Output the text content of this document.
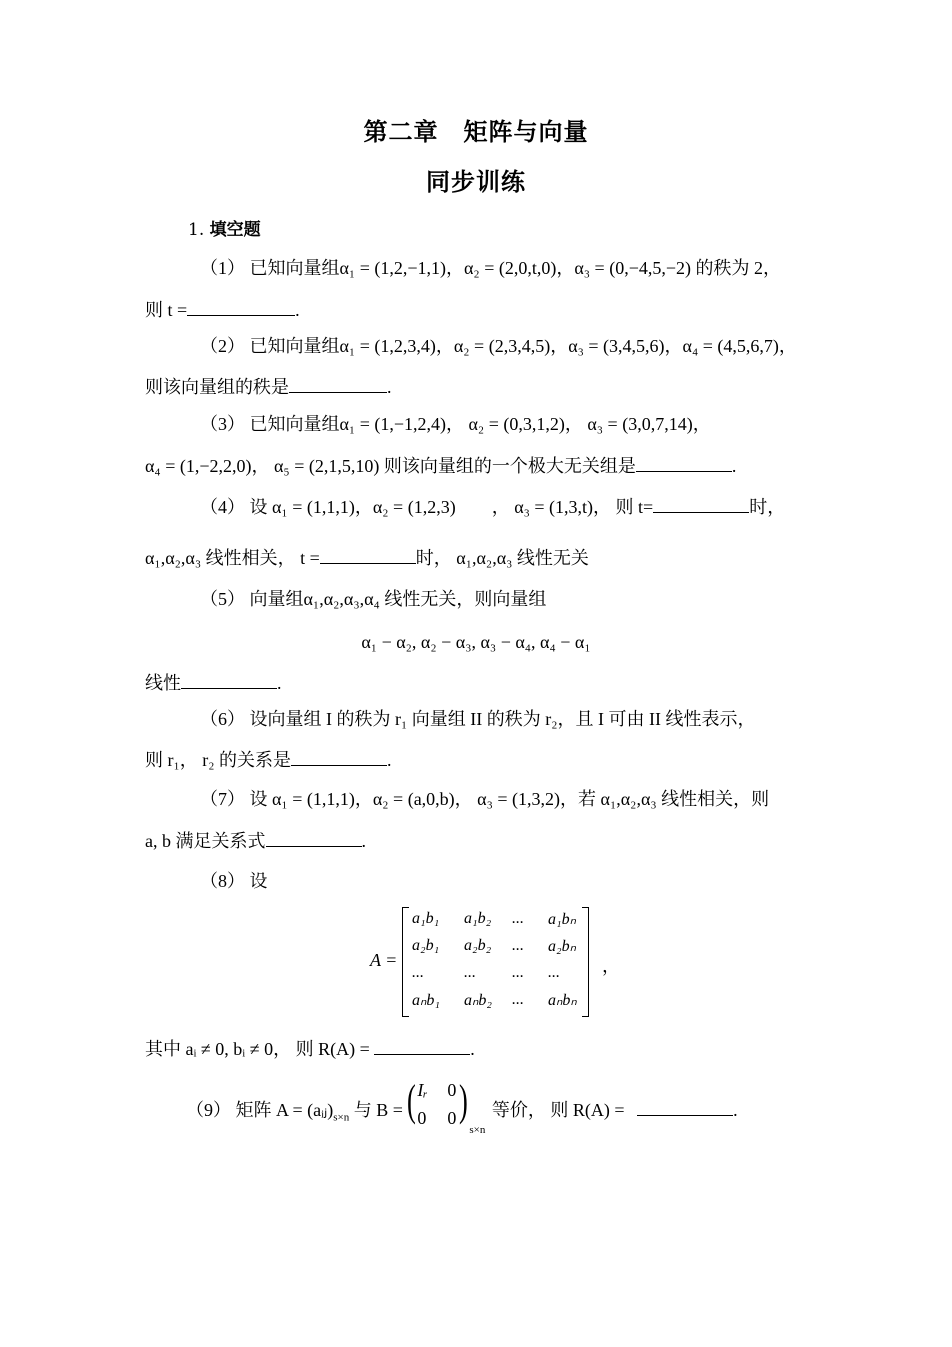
第二章　矩阵与向量
同步训练
1. 填空题
（1） 已知向量组α₁ = (1,2,−1,1)，α₂ = (2,0,t,0)，α₃ = (0,−4,5,−2) 的秩为 2，
则 t =	.
（2） 已知向量组α₁ = (1,2,3,4)，α₂ = (2,3,4,5)，α₃ = (3,4,5,6)，α₄ = (4,5,6,7)，
则该向量组的秩是	.
（3） 已知向量组α₁ = (1,−1,2,4)， α₂ = (0,3,1,2)， α₃ = (3,0,7,14)，
α₄ = (1,−2,2,0)， α₅ = (2,1,5,10) 则该向量组的一个极大无关组是	.
（4） 设 α₁ = (1,1,1)，α₂ = (1,2,3)　　， α₃ = (1,3,t)， 则 t=	时，
α₁,α₂,α₃ 线性相关， t =	时， α₁,α₂,α₃ 线性无关
（5） 向量组α₁,α₂,α₃,α₄ 线性无关，则向量组
α₁ − α₂, α₂ − α₃, α₃ − α₄, α₄ − α₁
线性	.
（6） 设向量组 I 的秩为 r₁ 向量组 II 的秩为 r₂，且 I 可由 II 线性表示，
则 r₁， r₂ 的关系是	.
（7） 设 α₁ = (1,1,1)，α₂ = (a,0,b)， α₃ = (1,3,2)，若 α₁,α₂,α₃ 线性相关，则
a, b 满足关系式	.
（8） 设
A =
a₁b₁	a₁b₂	...	a₁bₙ
a₂b₁	a₂b₂	...	a₂bₙ
...	...	...	...
aₙb₁	aₙb₂	...	aₙbₙ
，
其中 aᵢ ≠ 0, bᵢ ≠ 0， 则 R(A) =	.
（9） 矩阵 $A = (aᵢⱼ)_{s\times n}$ 与 B = ( Iᵣ 0
0 0 )
s×n
等价， 则 R(A) =	.
